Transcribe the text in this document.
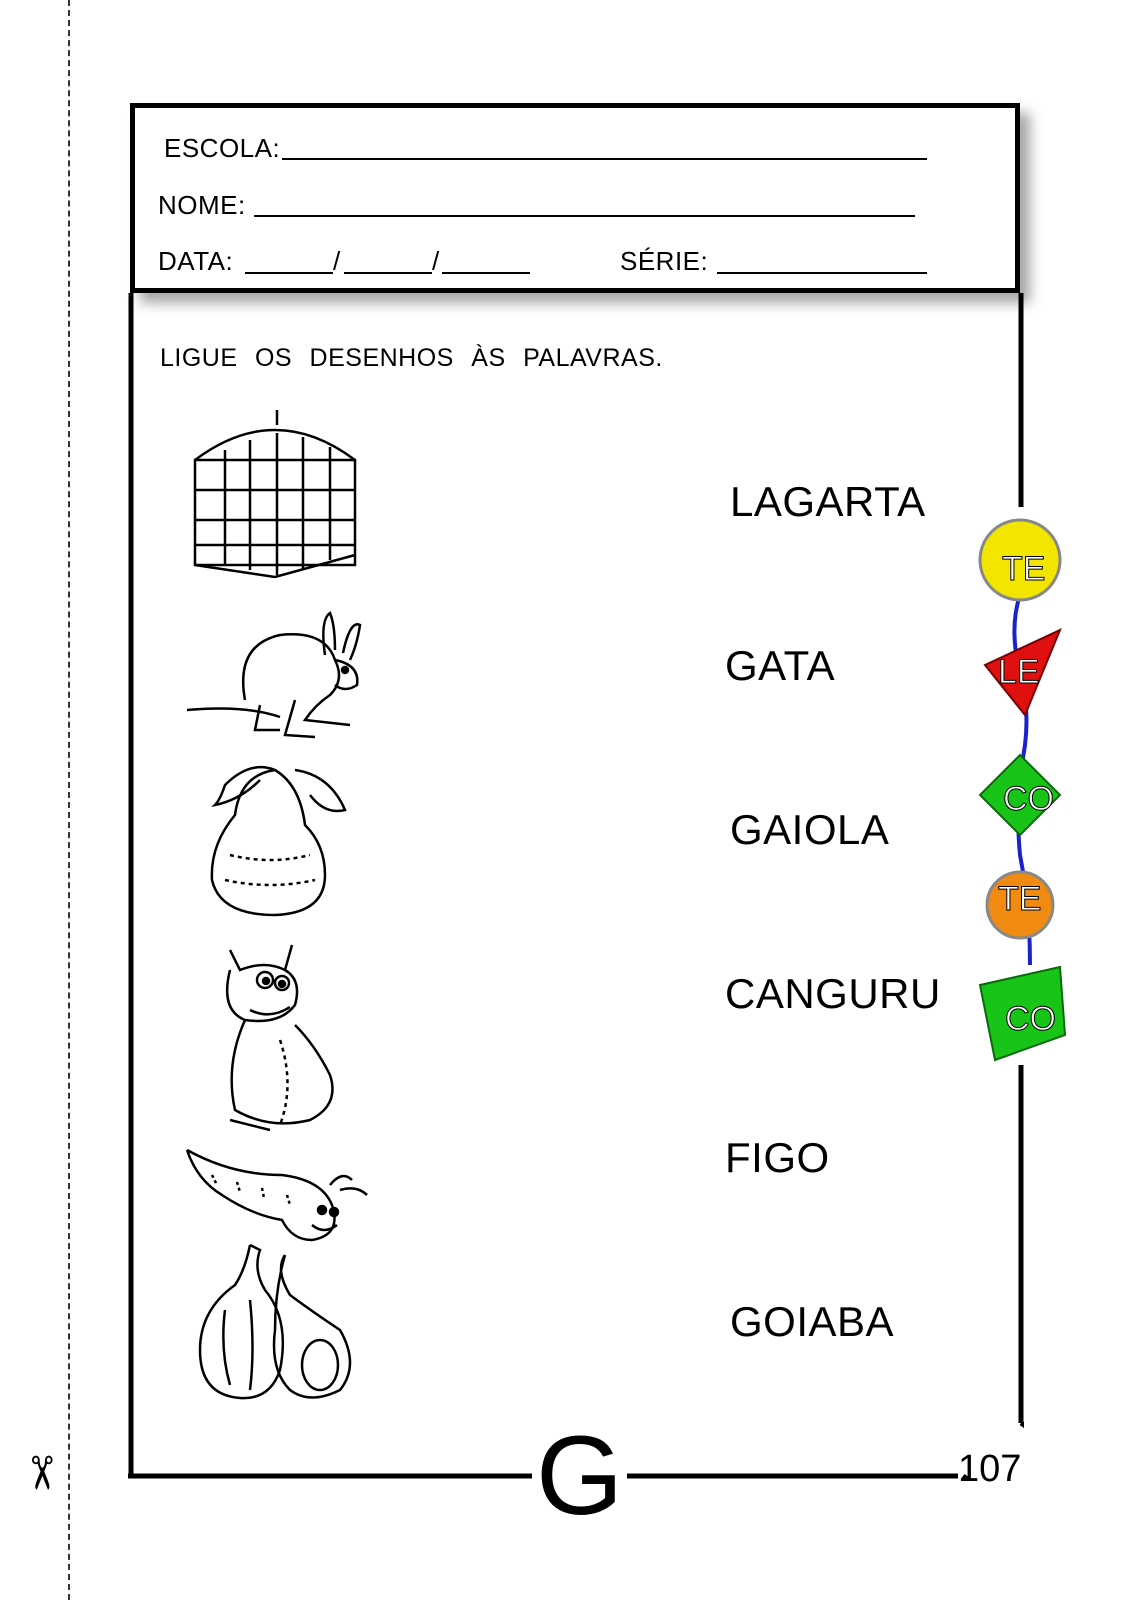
✂
ESCOLA:
NOME:
DATA:	/	/	SÉRIE:
LIGUE OS DESENHOS ÀS PALAVRAS.
LAGARTA
GATA
GAIOLA
CANGURU
FIGO
GOIABA
TE
LE
CO
TE
CO
G	107
